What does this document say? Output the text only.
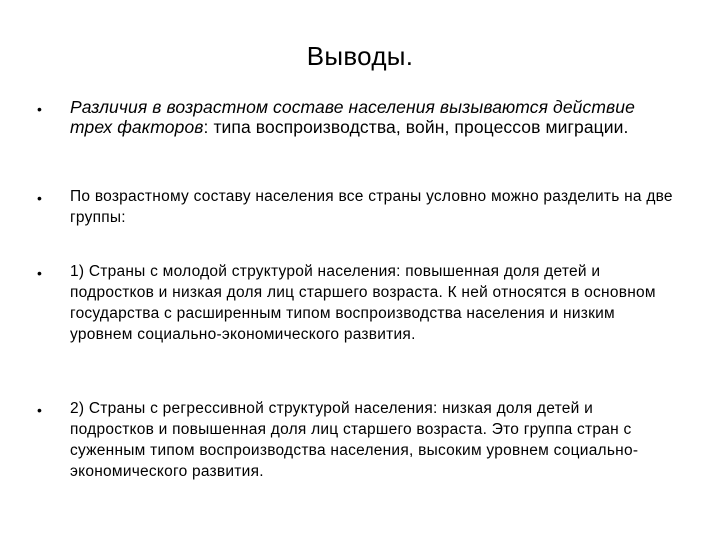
Выводы.
• Различия в возрастном составе населения вызываются действие трех факторов: типа воспроизводства, войн, процессов миграции.
• По возрастному составу населения все страны условно можно разделить на две группы:
• 1) Страны с молодой структурой населения: повышенная доля детей и подростков и низкая доля лиц старшего возраста. К ней относятся в основном государства с расширенным типом воспроизводства населения и низким уровнем социально-экономического развития.
• 2) Страны с регрессивной структурой населения: низкая доля детей и подростков и повышенная доля лиц старшего возраста. Это группа стран с суженным типом воспроизводства населения, высоким уровнем социально-экономического развития.
